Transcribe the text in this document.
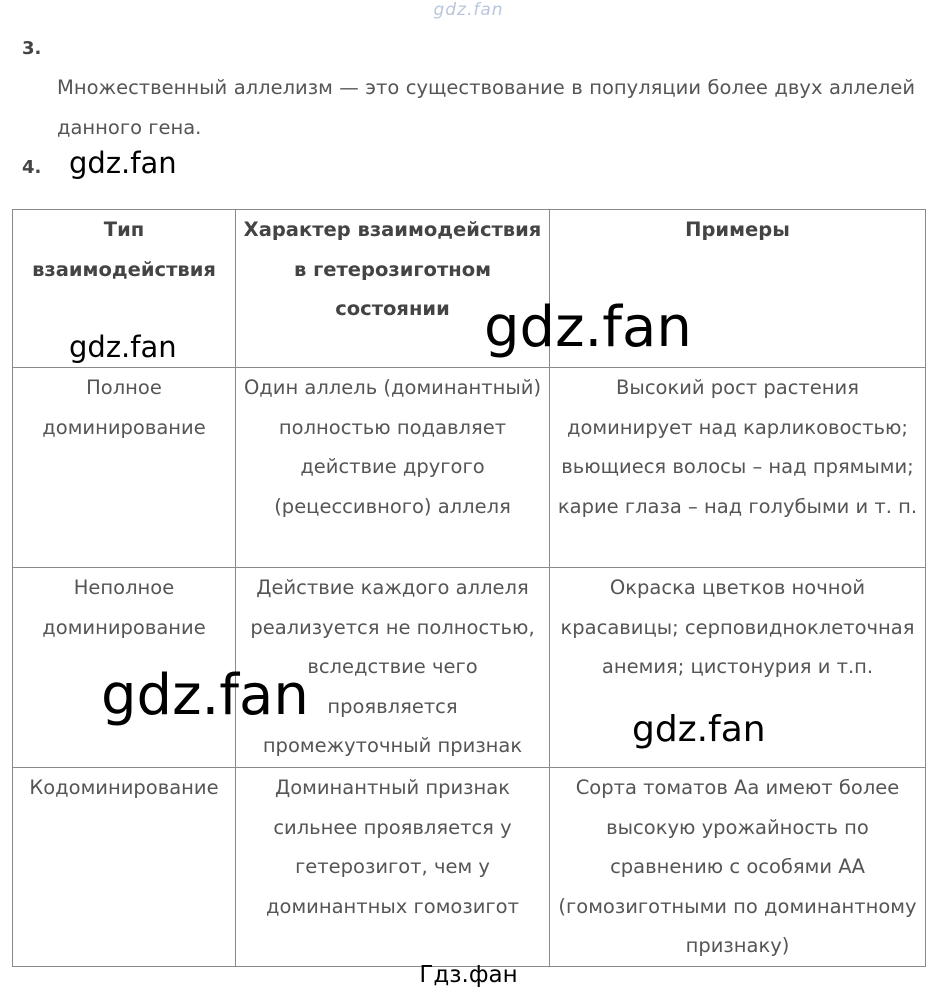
gdz.fan
3.
Множественный аллелизм — это существование в популяции более двух аллелей данного гена.
4. gdz.fan
Тип взаимодействия	Характер взаимодействия в гетерозиготном состоянии	Примеры
Полное доминирование	Один аллель (доминантный) полностью подавляет действие другого (рецессивного) аллеля	Высокий рост растения доминирует над карликовостью; вьющиеся волосы – над прямыми; карие глаза – над голубыми и т. п.
Неполное доминирование	Действие каждого аллеля реализуется не полностью, вследствие чего проявляется промежуточный признак	Окраска цветков ночной красавицы; серповидноклеточная анемия; цистонурия и т.п.
Кодоминирование	Доминантный признак сильнее проявляется у гетерозигот, чем у доминантных гомозигот	Сорта томатов Аа имеют более высокую урожайность по сравнению с особями АА (гомозиготными по доминантному признаку)
gdz.fan	gdz.fan
gdz.fan
gdz.fan
Гдз.фан
